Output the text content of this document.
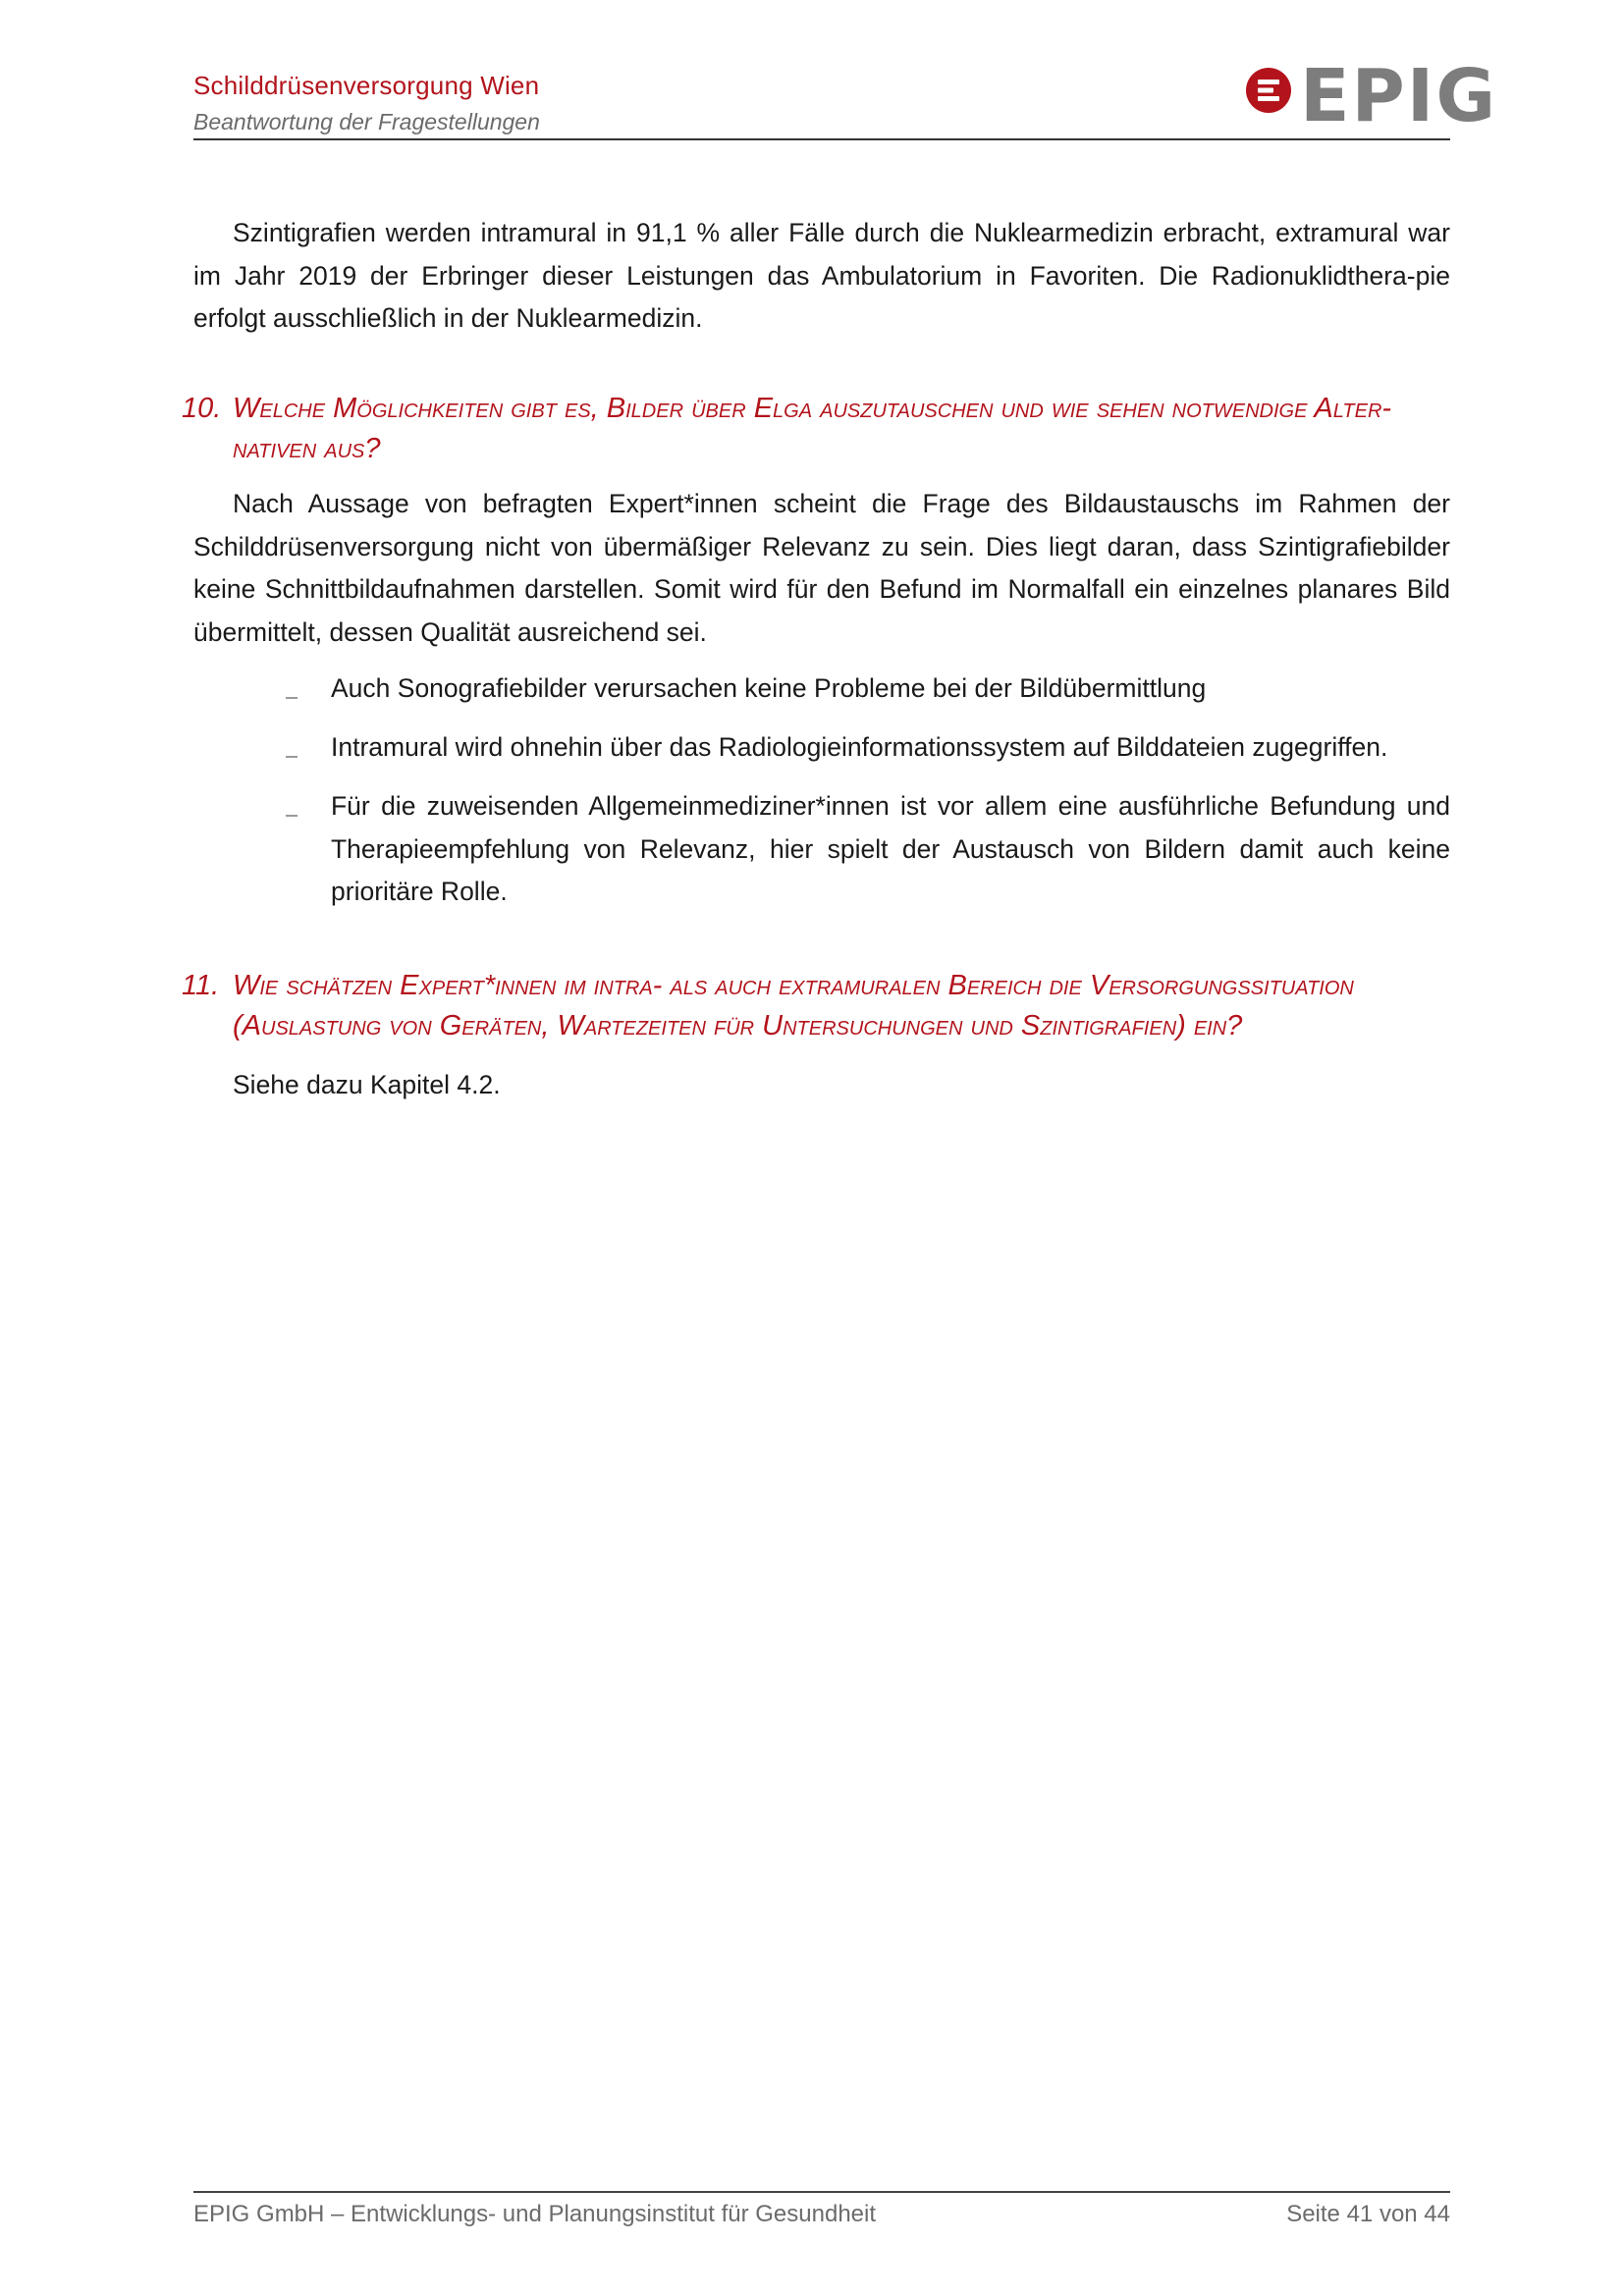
Schilddrüsenversorgung Wien
Beantwortung der Fragestellungen	EPIG
Szintigrafien werden intramural in 91,1 % aller Fälle durch die Nuklearmedizin erbracht, extramural war im Jahr 2019 der Erbringer dieser Leistungen das Ambulatorium in Favoriten. Die Radionuklidthera-pie erfolgt ausschließlich in der Nuklearmedizin.
10. Welche Möglichkeiten gibt es, Bilder über Elga auszutauschen und wie sehen notwendige Alter-
nativen aus?
Nach Aussage von befragten Expert*innen scheint die Frage des Bildaustauschs im Rahmen der Schilddrüsenversorgung nicht von übermäßiger Relevanz zu sein. Dies liegt daran, dass Szintigrafiebilder keine Schnittbildaufnahmen darstellen. Somit wird für den Befund im Normalfall ein einzelnes planares Bild übermittelt, dessen Qualität ausreichend sei.
Auch Sonografiebilder verursachen keine Probleme bei der Bildübermittlung
Intramural wird ohnehin über das Radiologieinformationssystem auf Bilddateien zugegriffen.
Für die zuweisenden Allgemeinmediziner*innen ist vor allem eine ausführliche Befundung und Therapieempfehlung von Relevanz, hier spielt der Austausch von Bildern damit auch keine prioritäre Rolle.
11. Wie schätzen Expert*innen im intra- als auch extramuralen Bereich die Versorgungssituation
(Auslastung von Geräten, Wartezeiten für Untersuchungen und Szintigrafien) ein?
Siehe dazu Kapitel 4.2.
EPIG GmbH – Entwicklungs- und Planungsinstitut für Gesundheit	Seite 41 von 44
